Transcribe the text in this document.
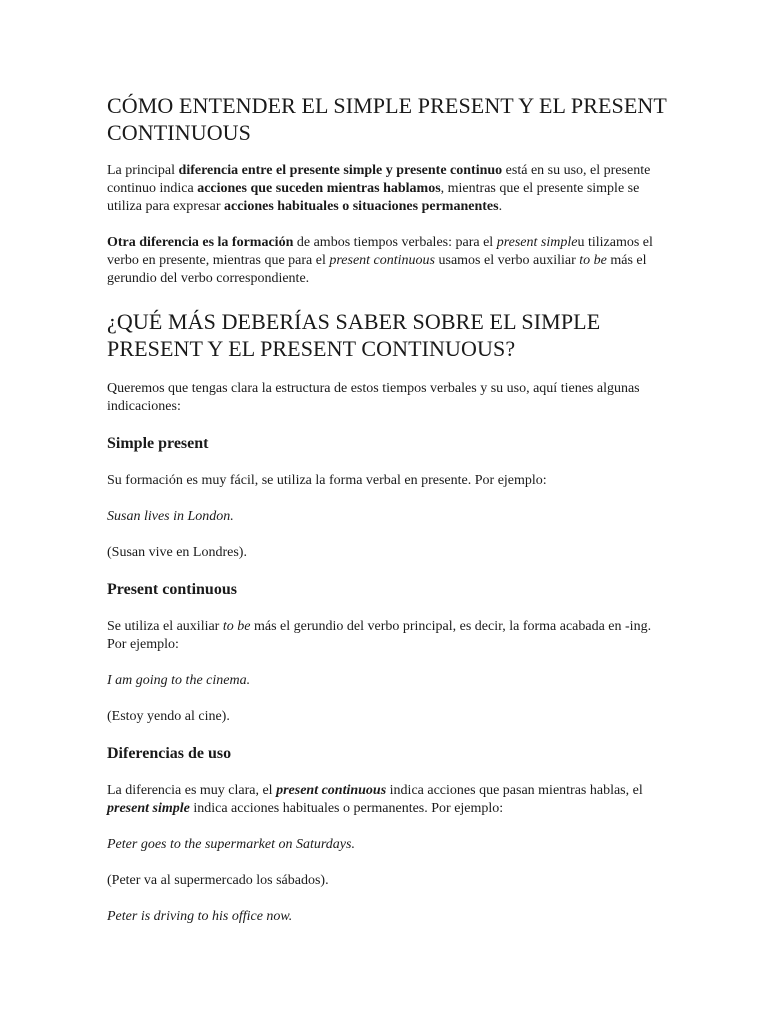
CÓMO ENTENDER EL SIMPLE PRESENT Y EL PRESENT CONTINUOUS

La principal diferencia entre el presente simple y presente continuo está en su uso, el presente continuo indica acciones que suceden mientras hablamos, mientras que el presente simple se utiliza para expresar acciones habituales o situaciones permanentes.

Otra diferencia es la formación de ambos tiempos verbales: para el present simpleu tilizamos el verbo en presente, mientras que para el present continuous usamos el verbo auxiliar to be más el gerundio del verbo correspondiente.

¿QUÉ MÁS DEBERÍAS SABER SOBRE EL SIMPLE PRESENT Y EL PRESENT CONTINUOUS?

Queremos que tengas clara la estructura de estos tiempos verbales y su uso, aquí tienes algunas indicaciones:

Simple present

Su formación es muy fácil, se utiliza la forma verbal en presente. Por ejemplo:

Susan lives in London.

(Susan vive en Londres).

Present continuous

Se utiliza el auxiliar to be más el gerundio del verbo principal, es decir, la forma acabada en -ing. Por ejemplo:

I am going to the cinema.

(Estoy yendo al cine).

Diferencias de uso

La diferencia es muy clara, el present continuous indica acciones que pasan mientras hablas, el present simple indica acciones habituales o permanentes. Por ejemplo:

Peter goes to the supermarket on Saturdays.

(Peter va al supermercado los sábados).

Peter is driving to his office now.
